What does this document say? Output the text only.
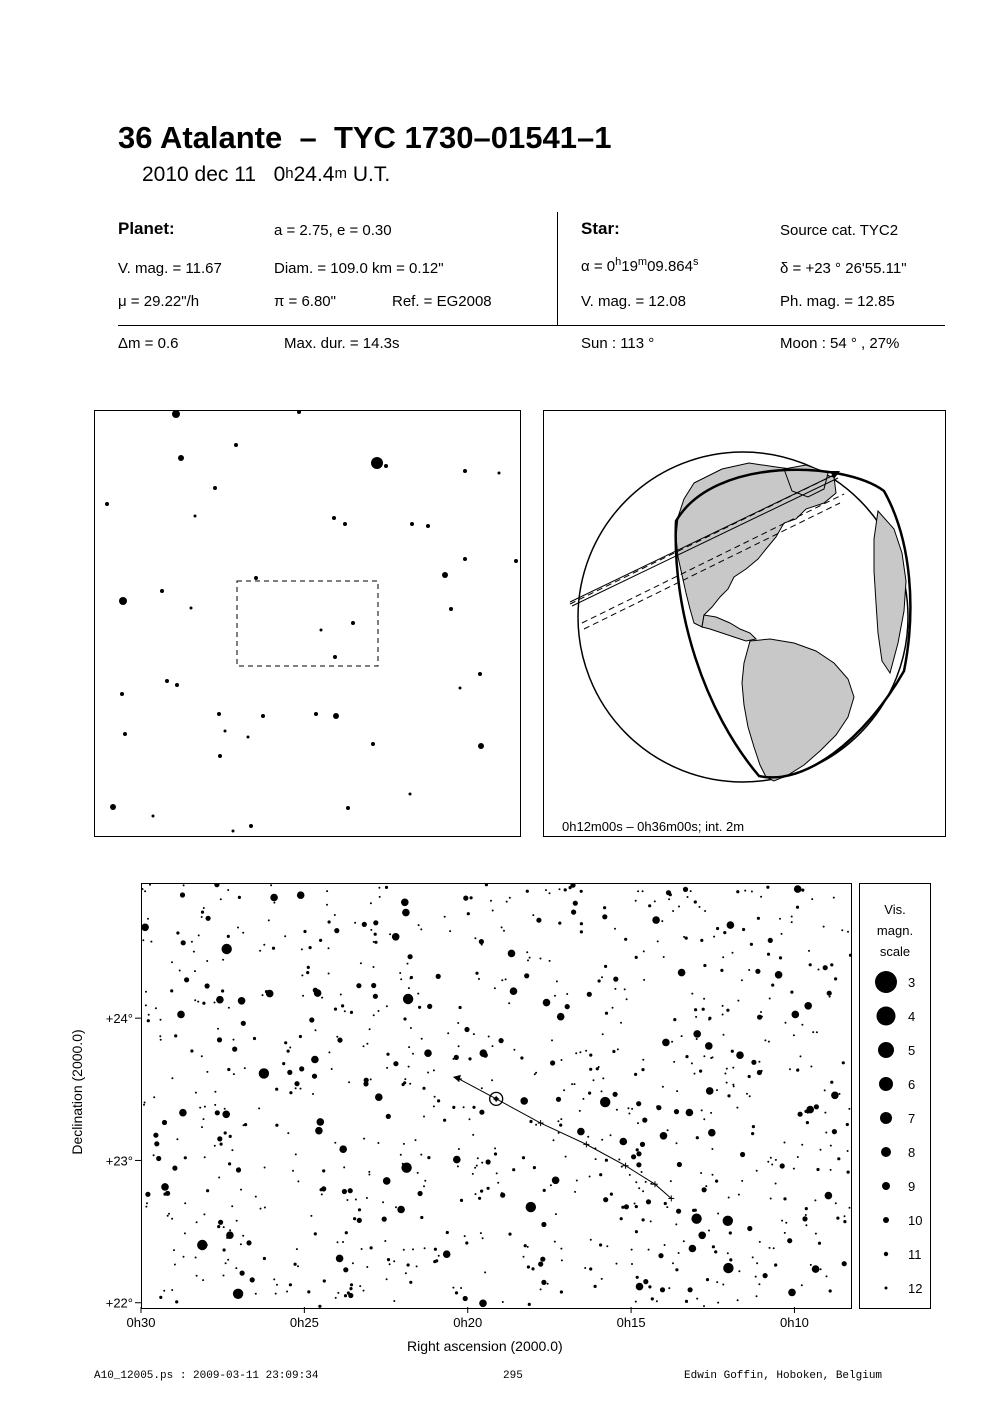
36 Atalante  –  TYC 1730–01541–1
2010 dec 11 0$^h$24.4$^m$ U.T.
Planet:	a = 2.75, e = 0.30
V. mag. = 11.67	Diam. = 109.0 km = 0.12"
μ = 29.22"/h	π = 6.80"	Ref. = EG2008
Star:	Source cat. TYC2
$\alpha = 0^h19^m09.864^s$	δ = +23 ° 26'55.11"
V. mag. = 12.08	Ph. mag. = 12.85
Δm = 0.6	Max. dur. = 14.3s	Sun : 113 °	Moon : 54 ° , 27%
0h12m00s – 0h36m00s; int. 2m
0h30	0h25	0h20	0h15	0h10
+24°
+23°
+22°
Right ascension (2000.0)
Declination (2000.0)
Vis.
magn.
scale
3
4
5
6
7
8
9
10
11
12
A10_12005.ps : 2009-03-11 23:09:34	295	Edwin Goffin, Hoboken, Belgium
